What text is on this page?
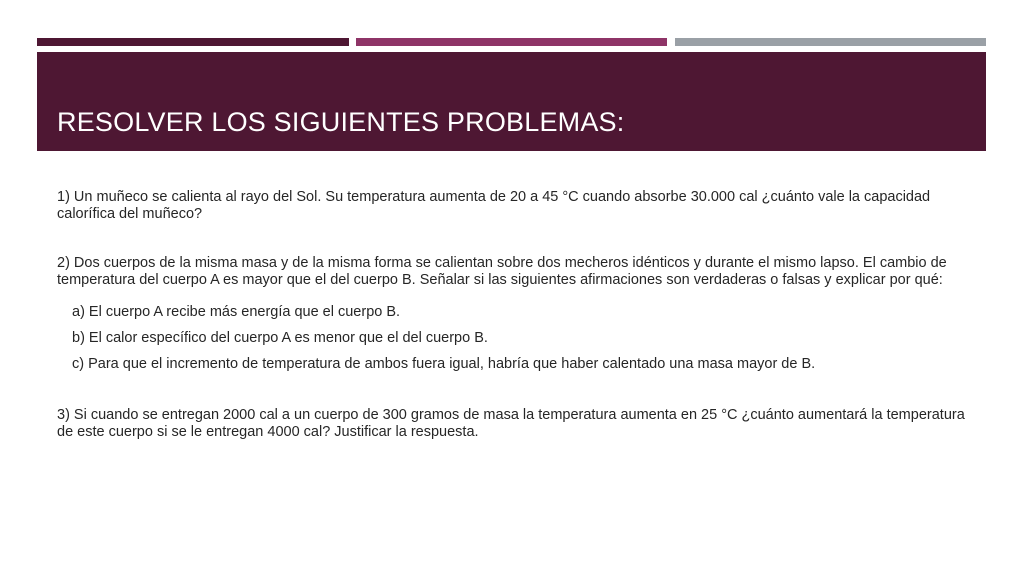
RESOLVER LOS SIGUIENTES PROBLEMAS:

1) Un muñeco se calienta al rayo del Sol. Su temperatura aumenta de 20 a 45 °C cuando absorbe 30.000 cal ¿cuánto vale la capacidad calorífica del muñeco?

2) Dos cuerpos de la misma masa y de la misma forma se calientan sobre dos mecheros idénticos y durante el mismo lapso. El cambio de temperatura del cuerpo A es mayor que el del cuerpo B. Señalar si las siguientes afirmaciones son verdaderas o falsas y explicar por qué:

a) El cuerpo A recibe más energía que el cuerpo B.

b) El calor específico del cuerpo A es menor que el del cuerpo B.

c) Para que el incremento de temperatura de ambos fuera igual, habría que haber calentado una masa mayor de B.

3) Si cuando se entregan 2000 cal a un cuerpo de 300 gramos de masa la temperatura aumenta en 25 °C ¿cuánto aumentará la temperatura de este cuerpo si se le entregan 4000 cal? Justificar la respuesta.
